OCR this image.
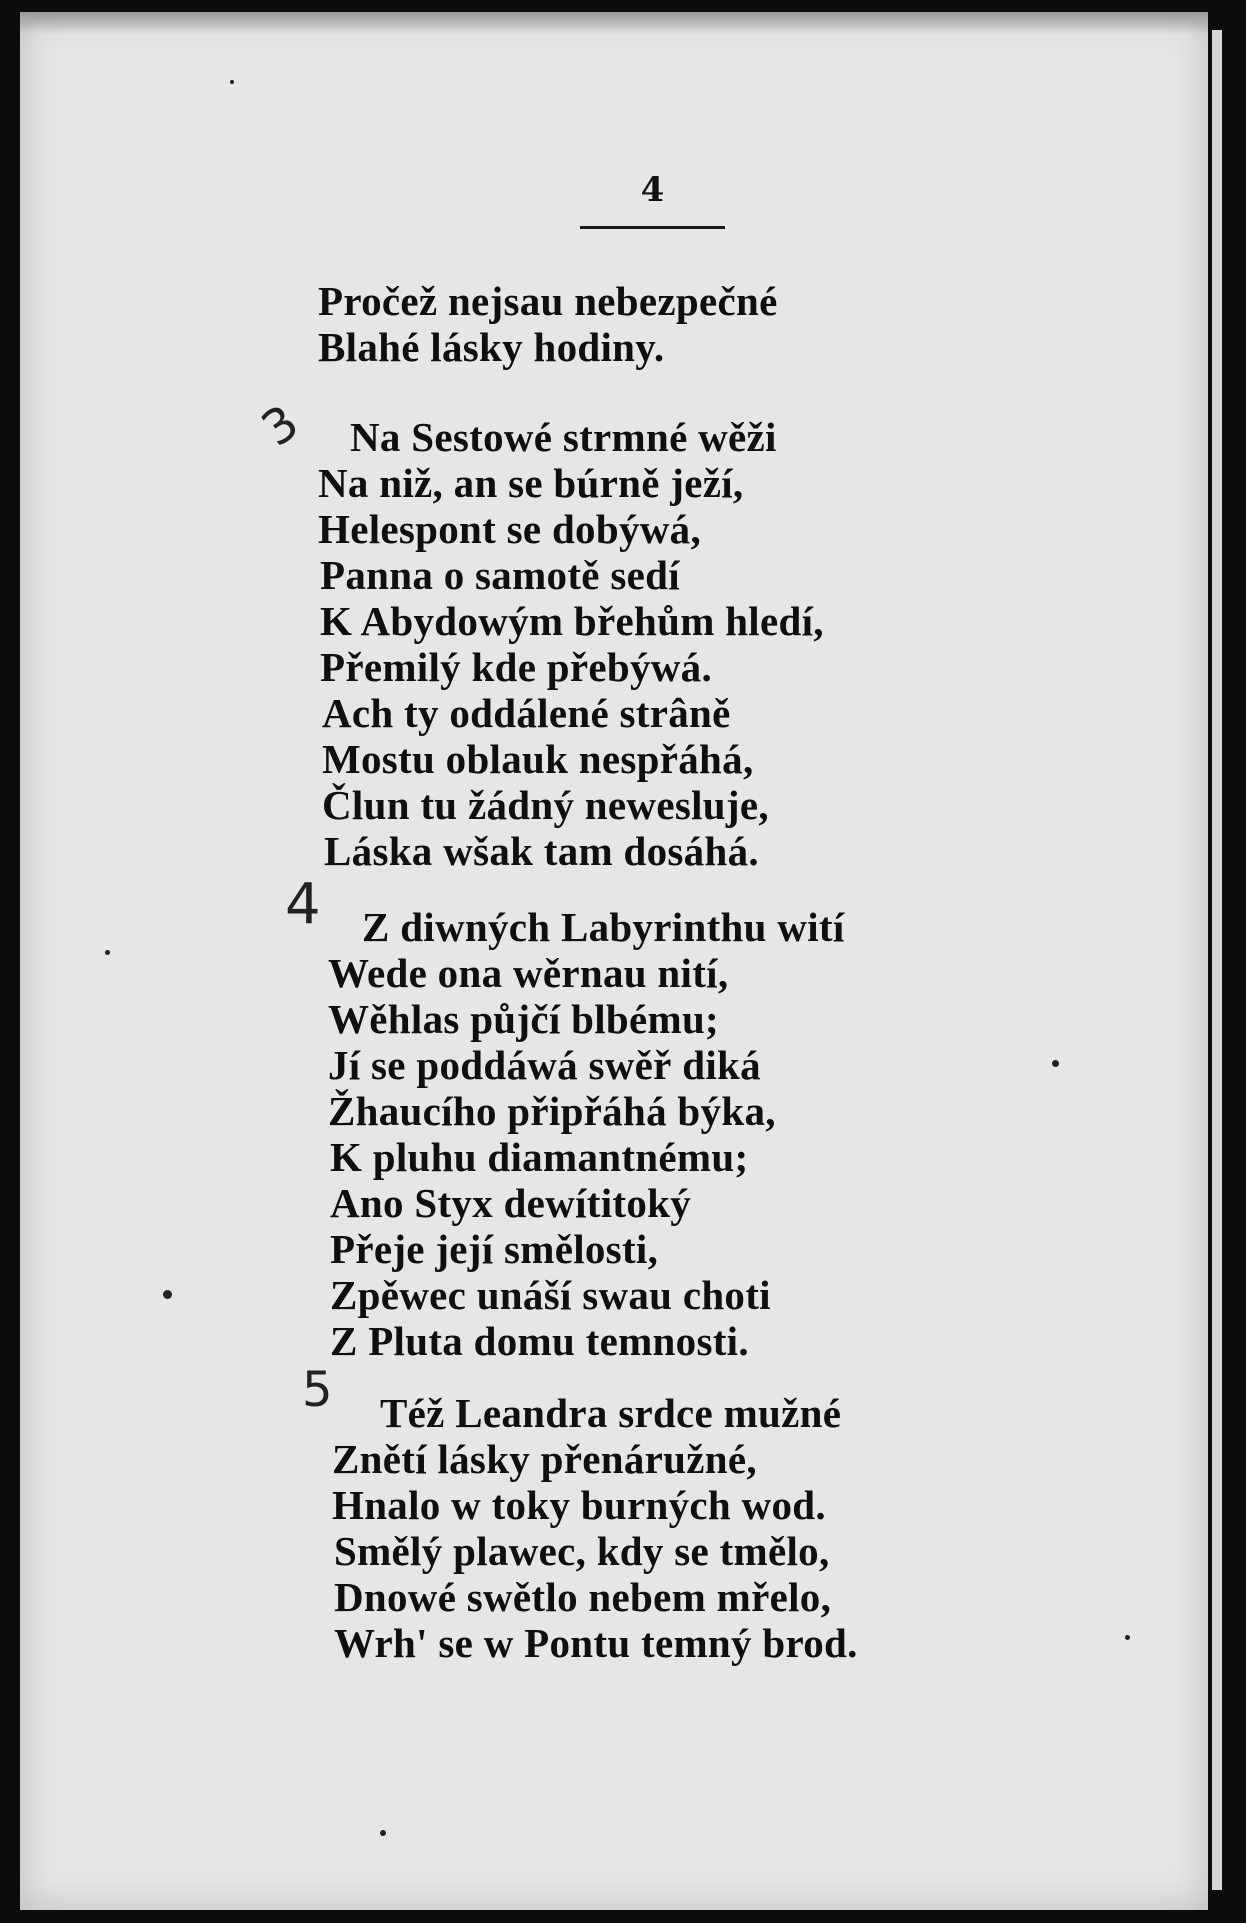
4

Pročež nejsau nebezpečné
Blahé lásky hodiny.
3 Na Sestowé strmné wěži
Na niž, an se búrně ježí,
Helespont se dobýwá,
Panna o samotě sedí
K Abydowým břehům hledí,
Přemilý kde přebýwá.
Ach ty oddálené strâně
Mostu oblauk nespřáhá,
Člun tu žádný newesluje,
Láska wšak tam dosáhá.
4 Z diwných Labyrinthu wití
Wede ona wěrnau nití,
Wěhlas půjčí blbému;
Jí se poddáwá swěř diká
Žhaucího připřáhá býka,
K pluhu diamantnému;
Ano Styx dewítitoký
Přeje její smělosti,
Zpěwec unáší swau choti
Z Pluta domu temnosti.
5 Též Leandra srdce mužné
Znětí lásky přenáružné,
Hnalo w toky burných wod.
Smělý plawec, kdy se tmělo,
Dnowé swětlo nebem mřelo,
Wrh' se w Pontu temný brod.
